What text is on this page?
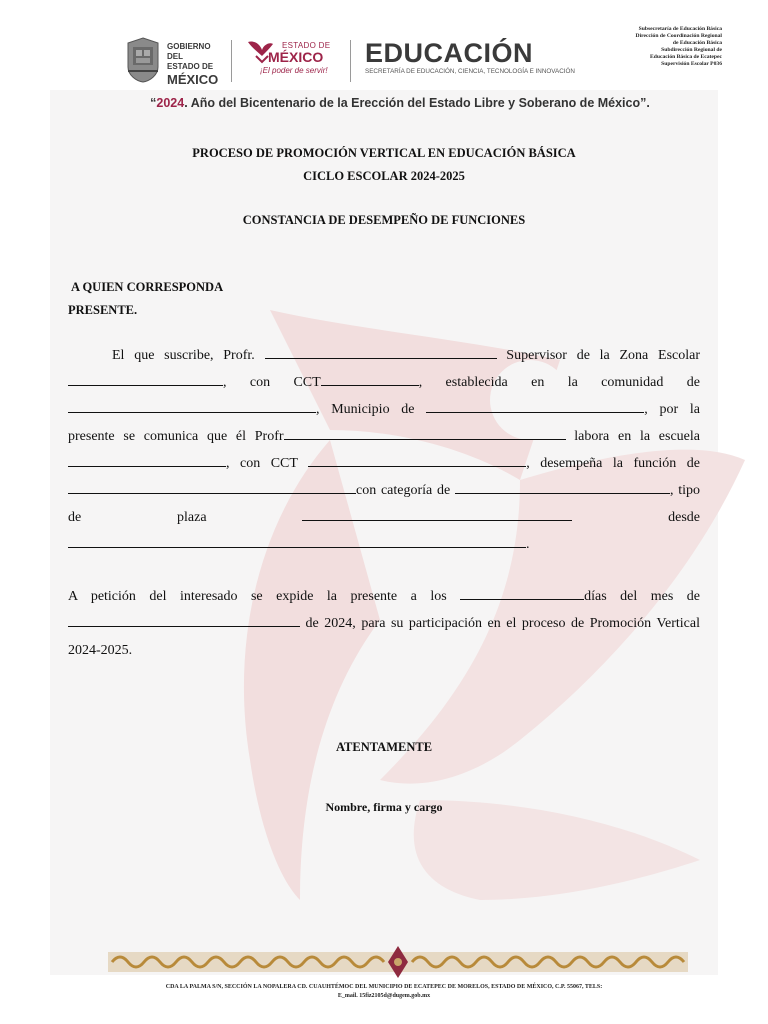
GOBIERNO DEL
ESTADO DE
MÉXICO
ESTADO DE
MÉXICO
¡El poder de servir!
EDUCACIÓN
SECRETARÍA DE EDUCACIÓN, CIENCIA, TECNOLOGÍA E INNOVACIÓN
Subsecretaría de Educación Básica
Dirección de Coordinación Regional
de Educación Básica
Subdirección Regional de
Educación Básica de Ecatepec
Supervisión Escolar P036
“2024. Año del Bicentenario de la Erección del Estado Libre y Soberano de México”.
PROCESO DE PROMOCIÓN VERTICAL EN EDUCACIÓN BÁSICA
CICLO ESCOLAR 2024-2025
CONSTANCIA DE DESEMPEÑO DE FUNCIONES
A QUIEN CORRESPONDA
PRESENTE.

El que suscribe, Profr.	Supervisor de la Zona Escolar, con CCT	, establecida en la comunidad de , Municipio de	, por la presente se comunica que él Profr	labora en la escuela , con CCT	, desempeña la función de con categoría de	, tipo de plaza	desde .

A petición del interesado se expide la presente a los	días del mes de de 2024, para su participación en el proceso de Promoción Vertical 2024-2025.

ATENTAMENTE
Nombre, firma y cargo
CDA LA PALMA S/N, SECCIÓN LA NOPALERA CD. CUAUHTÉMOC DEL MUNICIPIO DE ECATEPEC DE MORELOS, ESTADO DE MÉXICO, C.P. 55067, TELS:
E_mail. 15fiz2105d@dugem.gob.mx
